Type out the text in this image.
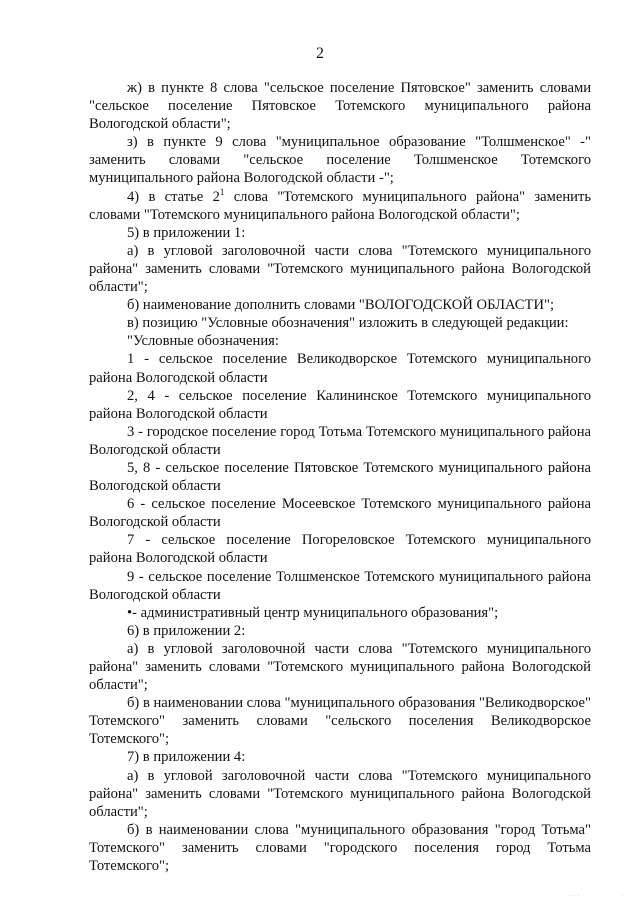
2

ж) в пункте 8 слова "сельское поселение Пятовское" заменить словами "сельское поселение Пятовское Тотемского муниципального района Вологодской области";

з) в пункте 9 слова "муниципальное образование "Толшменское" -" заменить словами "сельское поселение Толшменское Тотемского муниципального района Вологодской области -";

4) в статье $2^1$ слова "Тотемского муниципального района" заменить словами "Тотемского муниципального района Вологодской области";

5) в приложении 1:

а) в угловой заголовочной части слова "Тотемского муниципального района" заменить словами "Тотемского муниципального района Вологодской области";

б) наименование дополнить словами "ВОЛОГОДСКОЙ ОБЛАСТИ";

в) позицию "Условные обозначения" изложить в следующей редакции:

"Условные обозначения:

1 - сельское поселение Великодворское Тотемского муниципального района Вологодской области

2, 4 - сельское поселение Калининское Тотемского муниципального района Вологодской области

3 - городское поселение город Тотьма Тотемского муниципального района Вологодской области

5, 8 - сельское поселение Пятовское Тотемского муниципального района Вологодской области

6 - сельское поселение Мосеевское Тотемского муниципального района Вологодской области

7 - сельское поселение Погореловское Тотемского муниципального района Вологодской области

9 - сельское поселение Толшменское Тотемского муниципального района Вологодской области

•- административный центр муниципального образования";

6) в приложении 2:

а) в угловой заголовочной части слова "Тотемского муниципального района" заменить словами "Тотемского муниципального района Вологодской области";

б) в наименовании слова "муниципального образования "Великодворское" Тотемского" заменить словами "сельского поселения Великодворское Тотемского";

7) в приложении 4:

а) в угловой заголовочной части слова "Тотемского муниципального района" заменить словами "Тотемского муниципального района Вологодской области";

б) в наименовании слова "муниципального образования "город Тотьма" Тотемского" заменить словами "городского поселения город Тотьма Тотемского";

· · ·	·
